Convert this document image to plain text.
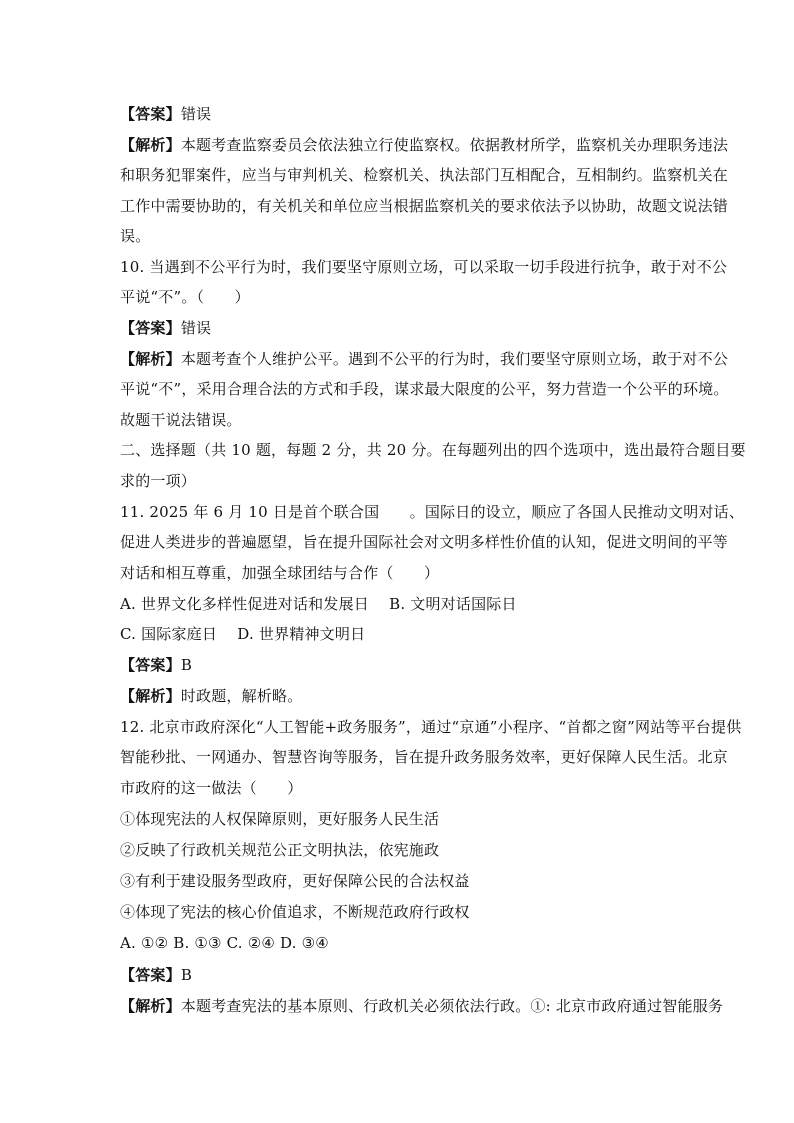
【答案】错误
【解析】本题考查监察委员会依法独立行使监察权。依据教材所学，监察机关办理职务违法
和职务犯罪案件，应当与审判机关、检察机关、执法部门互相配合，互相制约。监察机关在
工作中需要协助的，有关机关和单位应当根据监察机关的要求依法予以协助，故题文说法错
误。
10. 当遇到不公平行为时，我们要坚守原则立场，可以采取一切手段进行抗争，敢于对不公
平说“不”。（　　）
【答案】错误
【解析】本题考查个人维护公平。遇到不公平的行为时，我们要坚守原则立场，敢于对不公
平说“不”，采用合理合法的方式和手段，谋求最大限度的公平，努力营造一个公平的环境。
故题干说法错误。
二、选择题（共 10 题，每题 2 分，共 20 分。在每题列出的四个选项中，选出最符合题目要
求的一项）
11. 2025 年 6 月 10 日是首个联合国　　。国际日的设立，顺应了各国人民推动文明对话、
促进人类进步的普遍愿望，旨在提升国际社会对文明多样性价值的认知，促进文明间的平等
对话和相互尊重，加强全球团结与合作（　　）
A. 世界文化多样性促进对话和发展日　 B. 文明对话国际日
C. 国际家庭日　 D. 世界精神文明日
【答案】B
【解析】时政题，解析略。
12. 北京市政府深化“人工智能+政务服务”，通过“京通”小程序、“首都之窗”网站等平台提供
智能秒批、一网通办、智慧咨询等服务，旨在提升政务服务效率，更好保障人民生活。北京
市政府的这一做法（　　）
①体现宪法的人权保障原则，更好服务人民生活
②反映了行政机关规范公正文明执法，依宪施政
③有利于建设服务型政府，更好保障公民的合法权益
④体现了宪法的核心价值追求，不断规范政府行政权
A. ①② B. ①③ C. ②④ D. ③④
【答案】B
【解析】本题考查宪法的基本原则、行政机关必须依法行政。①: 北京市政府通过智能服务
